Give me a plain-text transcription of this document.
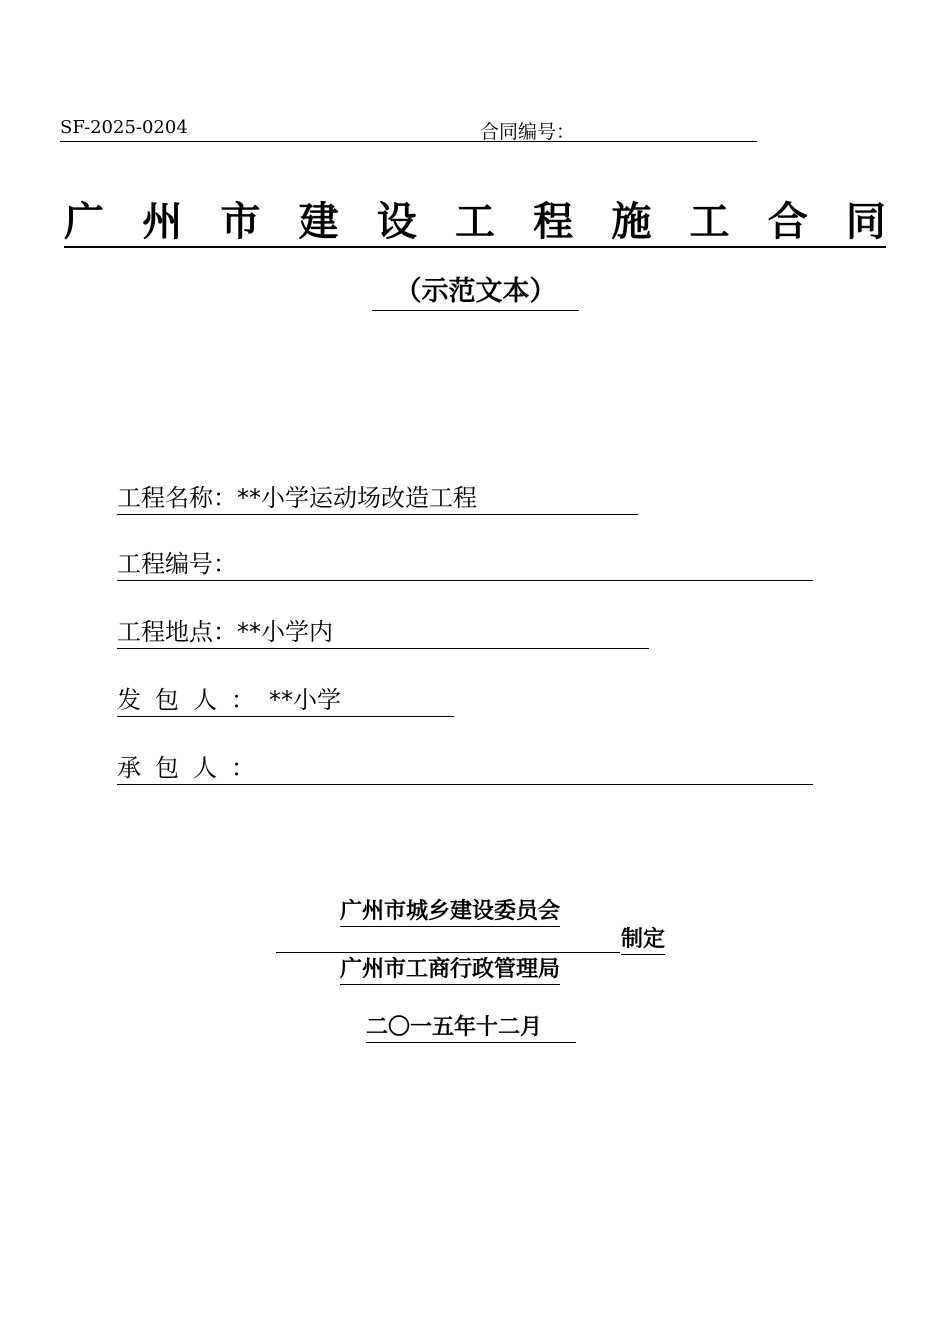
SF-2025-0204	合同编号：
广 州 市 建 设 工 程 施 工 合 同
（示范文本）
工程名称：**小学运动场改造工程
工程编号：
工程地点：**小学内
发包人：**小学
承包人：
广州市城乡建设委员会
制定
广州市工商行政管理局
二〇一五年十二月
